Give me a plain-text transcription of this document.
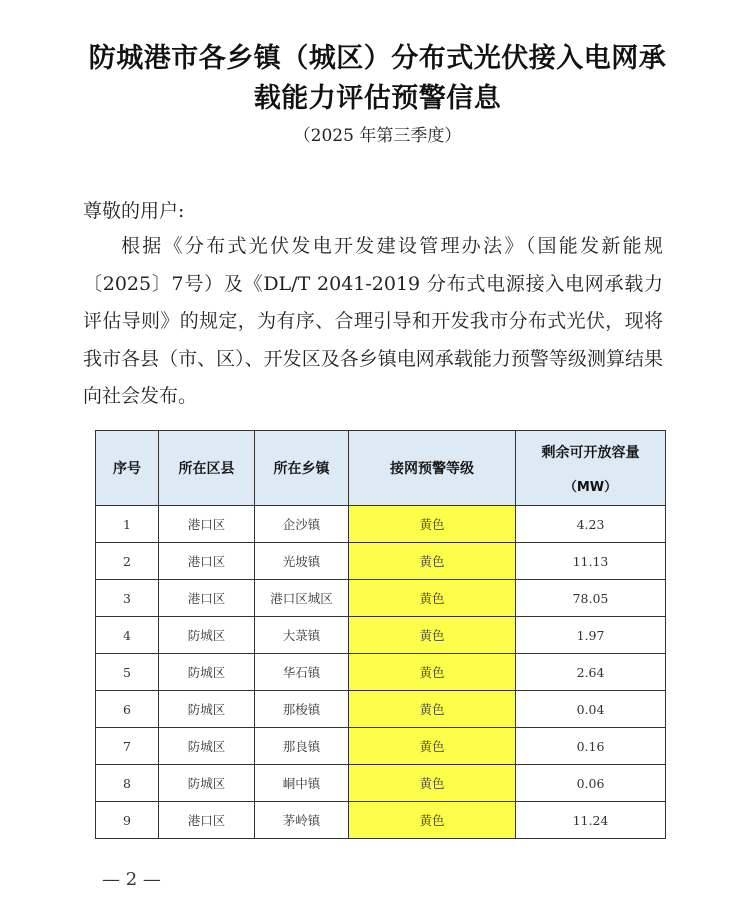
防城港市各乡镇（城区）分布式光伏接入电网承
载能力评估预警信息
（2025 年第三季度）
尊敬的用户:
根据《分布式光伏发电开发建设管理办法》（国能发新能规〔2025〕7号）及《DL/T 2041-2019 分布式电源接入电网承载力评估导则》的规定，为有序、合理引导和开发我市分布式光伏，现将我市各县（市、区）、开发区及各乡镇电网承载能力预警等级测算结果向社会发布。
序号	所在区县	所在乡镇	接网预警等级	剩余可开放容量
（MW）

1	港口区	企沙镇	黄色	4.23
2	港口区	光坡镇	黄色	11.13
3	港口区	港口区城区	黄色	78.05
4	防城区	大菉镇	黄色	1.97
5	防城区	华石镇	黄色	2.64
6	防城区	那梭镇	黄色	0.04
7	防城区	那良镇	黄色	0.16
8	防城区	峒中镇	黄色	0.06
9	港口区	茅岭镇	黄色	11.24
— 2 —
